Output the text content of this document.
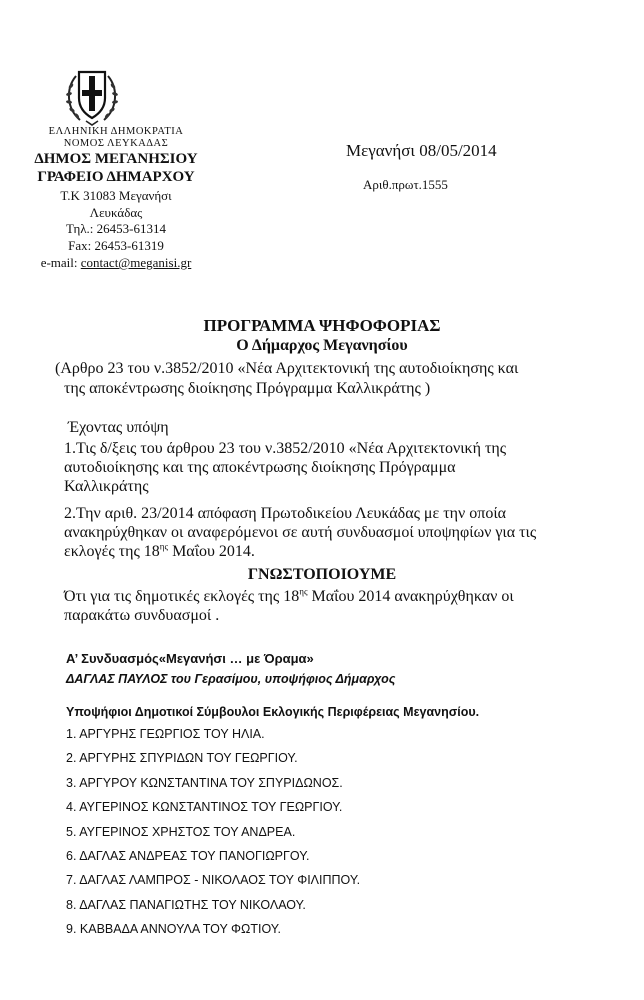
ΕΛΛΗΝΙΚΗ ΔΗΜΟΚΡΑΤΙΑ
ΝΟΜΟΣ ΛΕΥΚΑΔΑΣ
ΔΗΜΟΣ ΜΕΓΑΝΗΣΙΟΥ
ΓΡΑΦΕΙΟ ΔΗΜΑΡΧΟΥ
Τ.Κ 31083 Μεγανήσι
Λευκάδας
Τηλ.: 26453-61314
Fax: 26453-61319
e-mail: contact@meganisi.gr
Μεγανήσι 08/05/2014
Αριθ.πρωτ.1555
ΠΡΟΓΡΑΜΜΑ ΨΗΦΟΦΟΡΙΑΣ
Ο Δήμαρχος Μεγανησίου
(Αρθρο 23 του ν.3852/2010 «Νέα Αρχιτεκτονική της αυτοδιοίκησης και
της αποκέντρωσης διοίκησης Πρόγραμμα Καλλικράτης )
Έχοντας υπόψη
1.Τις δ/ξεις του άρθρου 23 του ν.3852/2010 «Νέα Αρχιτεκτονική της
αυτοδιοίκησης και της αποκέντρωσης διοίκησης Πρόγραμμα
Καλλικράτης
2.Την αριθ. 23/2014 απόφαση Πρωτοδικείου Λευκάδας με την οποία
ανακηρύχθηκαν οι αναφερόμενοι σε αυτή συνδυασμοί υποψηφίων για τις
εκλογές της $18^{\eta\varsigma}$ Μαΐου 2014.
ΓΝΩΣΤΟΠΟΙΟΥΜΕ
Ότι για τις δημοτικές εκλογές της $18^{\eta\varsigma}$ Μαΐου 2014 ανακηρύχθηκαν οι
παρακάτω συνδυασμοί .
Α’ Συνδυασμός«Μεγανήσι … με Όραμα»
ΔΑΓΛΑΣ ΠΑΥΛΟΣ του Γερασίμου, υποψήφιος Δήμαρχος
Υποψήφιοι Δημοτικοί Σύμβουλοι Εκλογικής Περιφέρειας Μεγανησίου.
1. ΑΡΓΥΡΗΣ ΓΕΩΡΓΙΟΣ ΤΟΥ ΗΛΙΑ.
2. ΑΡΓΥΡΗΣ ΣΠΥΡΙΔΩΝ ΤΟΥ ΓΕΩΡΓΙΟΥ.
3. ΑΡΓΥΡΟΥ ΚΩΝΣΤΑΝΤΙΝΑ ΤΟΥ ΣΠΥΡΙΔΩΝΟΣ.
4. ΑΥΓΕΡΙΝΟΣ ΚΩΝΣΤΑΝΤΙΝΟΣ ΤΟΥ ΓΕΩΡΓΙΟΥ.
5. ΑΥΓΕΡΙΝΟΣ ΧΡΗΣΤΟΣ ΤΟΥ ΑΝΔΡΕΑ.
6. ΔΑΓΛΑΣ ΑΝΔΡΕΑΣ ΤΟΥ ΠΑΝΟΓΙΩΡΓΟΥ.
7. ΔΑΓΛΑΣ ΛΑΜΠΡΟΣ - ΝΙΚΟΛΑΟΣ ΤΟΥ ΦΙΛΙΠΠΟΥ.
8. ΔΑΓΛΑΣ ΠΑΝΑΓΙΩΤΗΣ ΤΟΥ ΝΙΚΟΛΑΟΥ.
9. ΚΑΒΒΑΔΑ ΑΝΝΟΥΛΑ ΤΟΥ ΦΩΤΙΟΥ.
